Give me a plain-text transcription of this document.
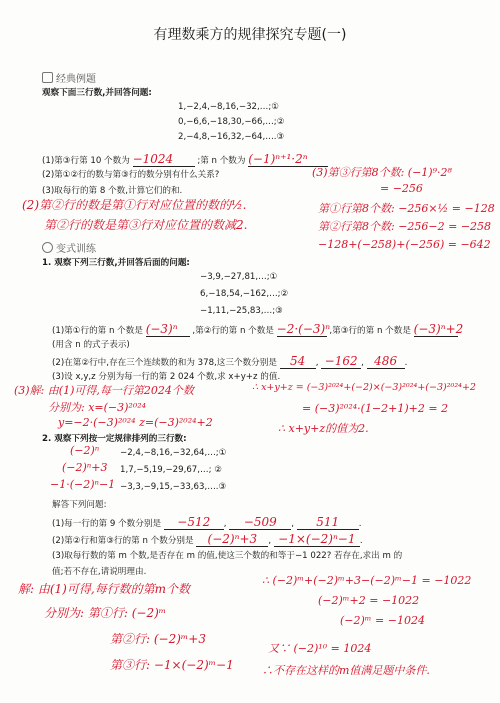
有理数乘方的规律探究专题(一)
经典例题
观察下面三行数,并回答问题:
1,−2,4,−8,16,−32,…;①
0,−6,6,−18,30,−66,…;②
2,−4,8,−16,32,−64,….③
(1)第③行第 10 个数为 −1024	;第 n 个数为 (−1)ⁿ⁺¹·2ⁿ
(2)第①②行的数与第③行的数分别有什么关系?
(3)取每行的第 8 个数,计算它们的和.
(2)第②行的数是第①行对应位置的数的½.
第②行的数是第③行对应位置的数减2.
(3)第③行第8个数: (−1)⁹·2⁸
= −256
第①行第8个数: −256×½ = −128
第②行第8个数: −256−2 = −258
−128+(−258)+(−256) = −642
变式训练
1. 观察下列三行数,并回答后面的问题:
−3,9,−27,81,…;①
6,−18,54,−162,…;②
−1,11,−25,83,…;③
(1)第①行的第 n 个数是 (−3)ⁿ ,第②行的第 n 个数是 −2·(−3)ⁿ ,第③行的第 n 个数是 (−3)ⁿ+2
(用含 n 的式子表示)
(2)在第②行中,存在三个连续数的和为 378,这三个数分别是 54 , −162 , 486 .
(3)设 x,y,z 分别为每一行的第 2 024 个数,求 x+y+z 的值.
(3)解: 由(1)可得,每一行第2024个数
分别为: x=(−3)²⁰²⁴
y=−2·(−3)²⁰²⁴ z=(−3)²⁰²⁴+2
∴ x+y+z = (−3)²⁰²⁴+(−2)×(−3)²⁰²⁴+(−3)²⁰²⁴+2
= (−3)²⁰²⁴·(1−2+1)+2 = 2
∴ x+y+z的值为2.
2. 观察下列按一定规律排列的三行数:
(−2)ⁿ −2,4,−8,16,−32,64,…;①
(−2)ⁿ+3 1,7,−5,19,−29,67,…; ②
−1·(−2)ⁿ−1 −3,3,−9,15,−33,63,….③
解答下列问题:
(1)每一行的第 9 个数分别是 −512 , −509 , 511 .
(2)第②行和第③行的第 n 个数分别是 (−2)ⁿ+3 , −1×(−2)ⁿ−1 .
(3)取每行数的第 m 个数,是否存在 m 的值,使这三个数的和等于−1 022? 若存在,求出 m 的
值;若不存在,请说明理由.
解: 由(1)可得,每行数的第m个数
分别为: 第①行: (−2)ᵐ
第②行: (−2)ᵐ+3
第③行: −1×(−2)ᵐ−1
∴ (−2)ᵐ+(−2)ᵐ+3−(−2)ᵐ−1 = −1022
(−2)ᵐ+2 = −1022
(−2)ᵐ = −1024
又∵ (−2)¹⁰ = 1024
∴不存在这样的m值满足题中条件.
